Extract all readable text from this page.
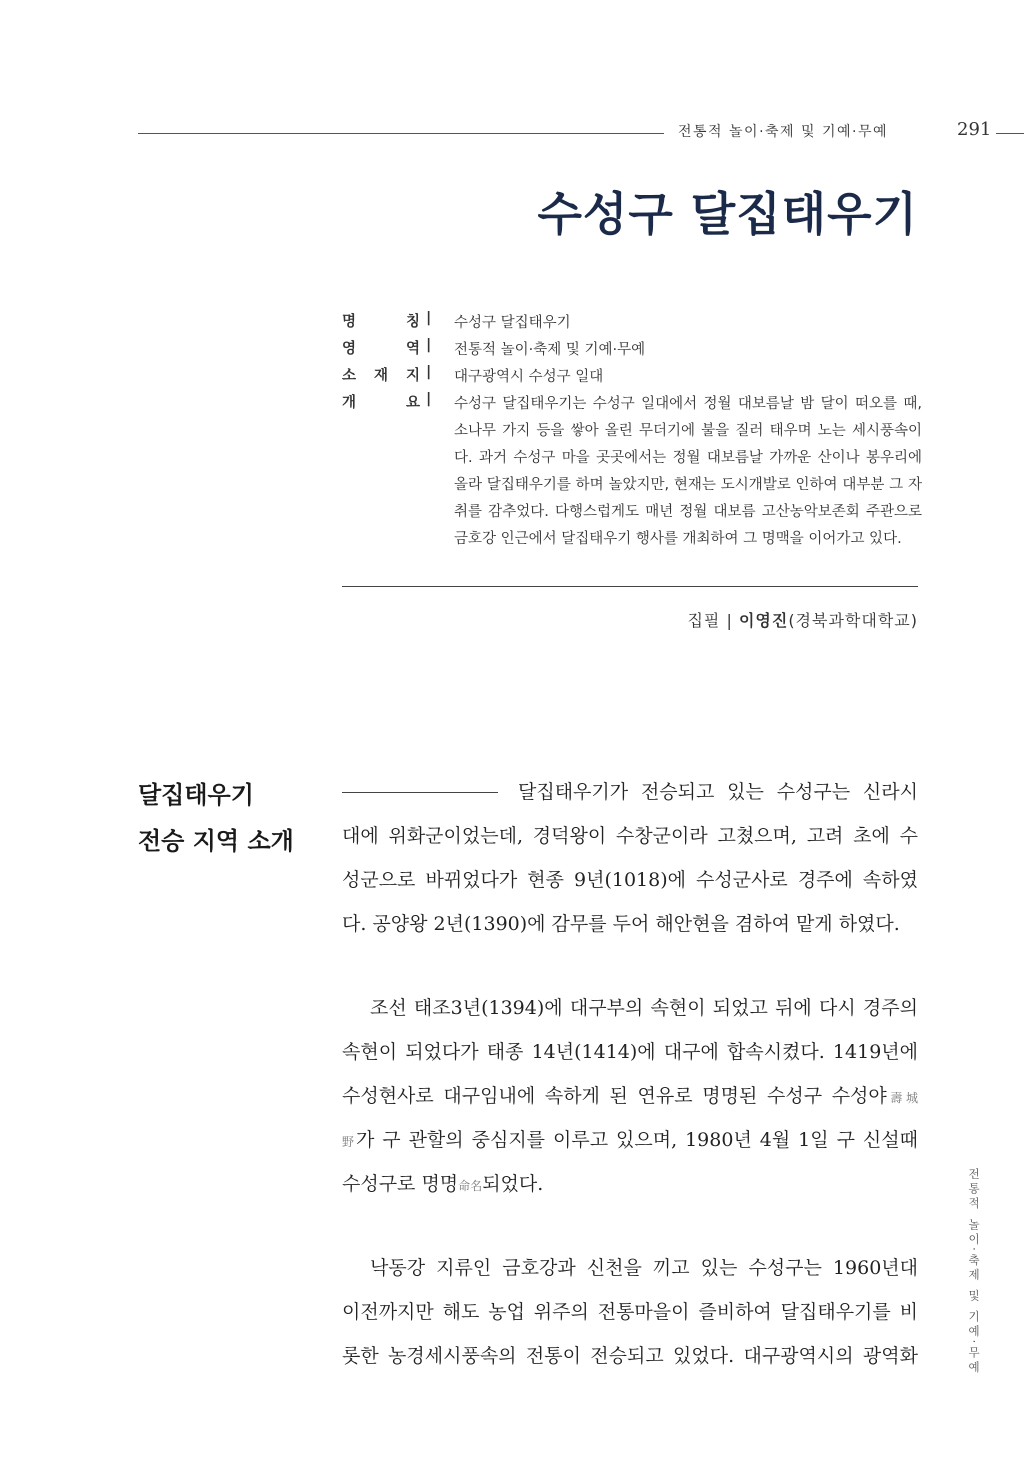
전통적 놀이·축제 및 기예·무예	291
수성구 달집태우기
명	칭 | 수성구 달집태우기
영	역 | 전통적 놀이·축제 및 기예·무예
소 재 지 | 대구광역시 수성구 일대
개	요 | 수성구 달집태우기는 수성구 일대에서 정월 대보름날 밤 달이 떠오를 때, 소나무 가지 등을 쌓아 올린 무더기에 불을 질러 태우며 노는 세시풍속이다. 과거 수성구 마을 곳곳에서는 정월 대보름날 가까운 산이나 봉우리에 올라 달집태우기를 하며 놀았지만, 현재는 도시개발로 인하여 대부분 그 자취를 감추었다. 다행스럽게도 매년 정월 대보름 고산농악보존회 주관으로 금호강 인근에서 달집태우기 행사를 개최하여 그 명맥을 이어가고 있다.
집필 | 이영진(경북과학대학교)
달집태우기
전승 지역 소개
달집태우기가 전승되고 있는 수성구는 신라시
대에 위화군이었는데, 경덕왕이 수창군이라 고쳤으며, 고려 초에 수
성군으로 바뀌었다가 현종 9년(1018)에 수성군사로 경주에 속하였
다. 공양왕 2년(1390)에 감무를 두어 해안현을 겸하여 맡게 하였다.
조선 태조3년(1394)에 대구부의 속현이 되었고 뒤에 다시 경주의
속현이 되었다가 태종 14년(1414)에 대구에 합속시켰다. 1419년에
수성현사로 대구임내에 속하게 된 연유로 명명된 수성구 수성야壽城
野가 구 관할의 중심지를 이루고 있으며, 1980년 4월 1일 구 신설때
수성구로 명명命名되었다.
낙동강 지류인 금호강과 신천을 끼고 있는 수성구는 1960년대
이전까지만 해도 농업 위주의 전통마을이 즐비하여 달집태우기를 비
롯한 농경세시풍속의 전통이 전승되고 있었다. 대구광역시의 광역화	전통적 놀이·축제 및 기예·무예
